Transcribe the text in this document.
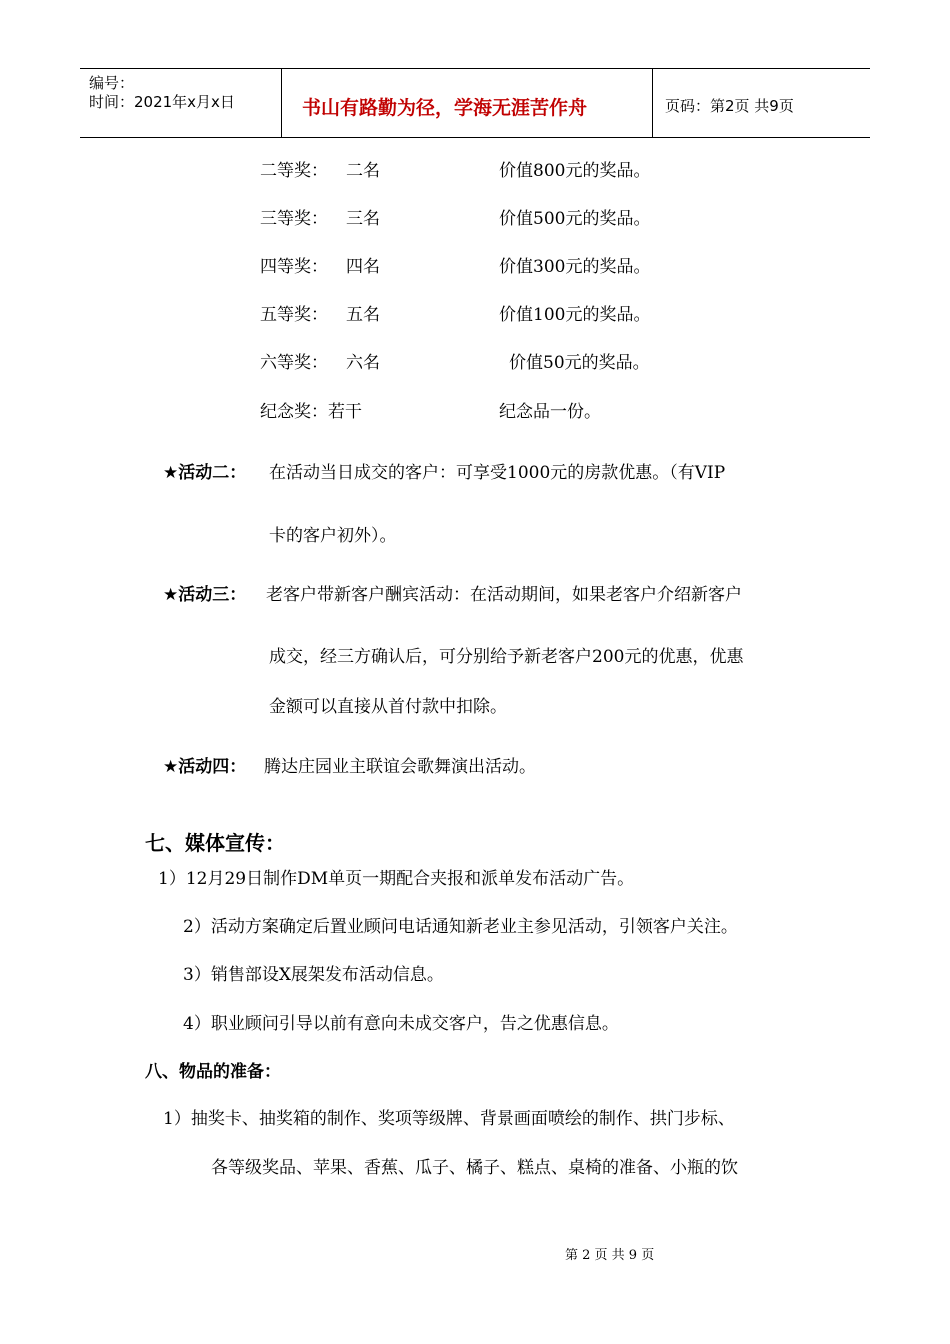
编号：
时间：2021年x月x日	书山有路勤为径，学海无涯苦作舟	页码：第2页 共9页
二等奖： 二名	价值800元的奖品。
三等奖： 三名	价值500元的奖品。
四等奖： 四名	价值300元的奖品。
五等奖： 五名	价值100元的奖品。
六等奖： 六名	价值50元的奖品。
纪念奖：若干	纪念品一份。
★活动二： 在活动当日成交的客户：可享受1000元的房款优惠。（有VIP
卡的客户初外）。
★活动三： 老客户带新客户酬宾活动：在活动期间，如果老客户介绍新客户
成交，经三方确认后，可分别给予新老客户200元的优惠，优惠
金额可以直接从首付款中扣除。
★活动四： 腾达庄园业主联谊会歌舞演出活动。
七、媒体宣传：
1）12月29日制作DM单页一期配合夹报和派单发布活动广告。
2）活动方案确定后置业顾问电话通知新老业主参见活动，引领客户关注。
3）销售部设X展架发布活动信息。
4）职业顾问引导以前有意向未成交客户，告之优惠信息。
八、物品的准备：
1）抽奖卡、抽奖箱的制作、奖项等级牌、背景画面喷绘的制作、拱门步标、
各等级奖品、苹果、香蕉、瓜子、橘子、糕点、桌椅的准备、小瓶的饮
第 2 页 共 9 页
